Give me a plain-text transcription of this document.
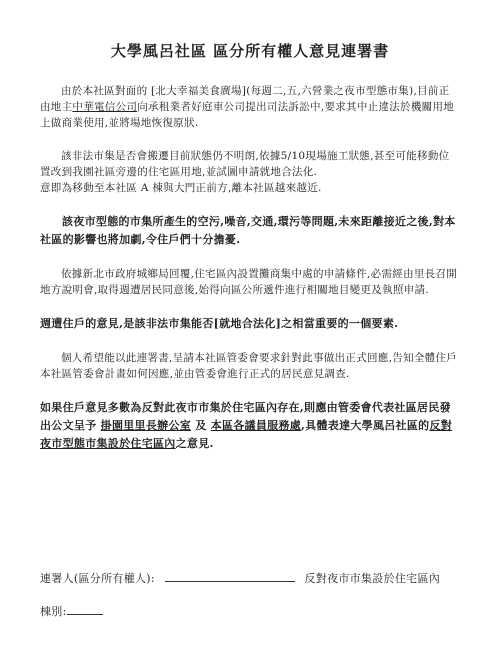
大學風呂社區 區分所有權人意見連署書

由於本社區對面的 [北大幸福美食廣場](每週二,五,六營業之夜市型態市集),目前正由地主中華電信公司向承租業者好庭車公司提出司法訴訟中,要求其中止違法於機關用地上做商業使用,並將場地恢復原狀.

該非法市集是否會搬遷目前狀態仍不明朗,依據5/10現場施工狀態,甚至可能移動位置改到我園社區旁邊的住宅區用地,並試圖申請就地合法化.
意即為移動至本社區 A 棟與大門正前方,離本社區越來越近.

該夜市型態的市集所產生的空污,噪音,交通,環污等問題,未來距離接近之後,對本社區的影響也將加劇,令住戶們十分擔憂.

依據新北市政府城鄉局回覆,住宅區內設置攤商集中處的申請條件,必需經由里長召開地方說明會,取得週遭居民同意後,始得向區公所遞件進行相關地目變更及執照申請.

週遭住戶的意見,是該非法市集能否[就地合法化]之相當重要的一個要素.

個人希望能以此連署書,呈請本社區管委會要求針對此事做出正式回應,告知全體住戶本社區管委會計畫如何因應,並由管委會進行正式的居民意見調查.

如果住戶意見多數為反對此夜市市集於住宅區內存在,則應由管委會代表社區居民發出公文呈予 掛園里里長辦公室 及 本區各議員服務處,具體表達大學風呂社區的反對夜市型態市集設於住宅區內之意見.

連署人(區分所有權人):	反對夜市市集設於住宅區內
棟別:
